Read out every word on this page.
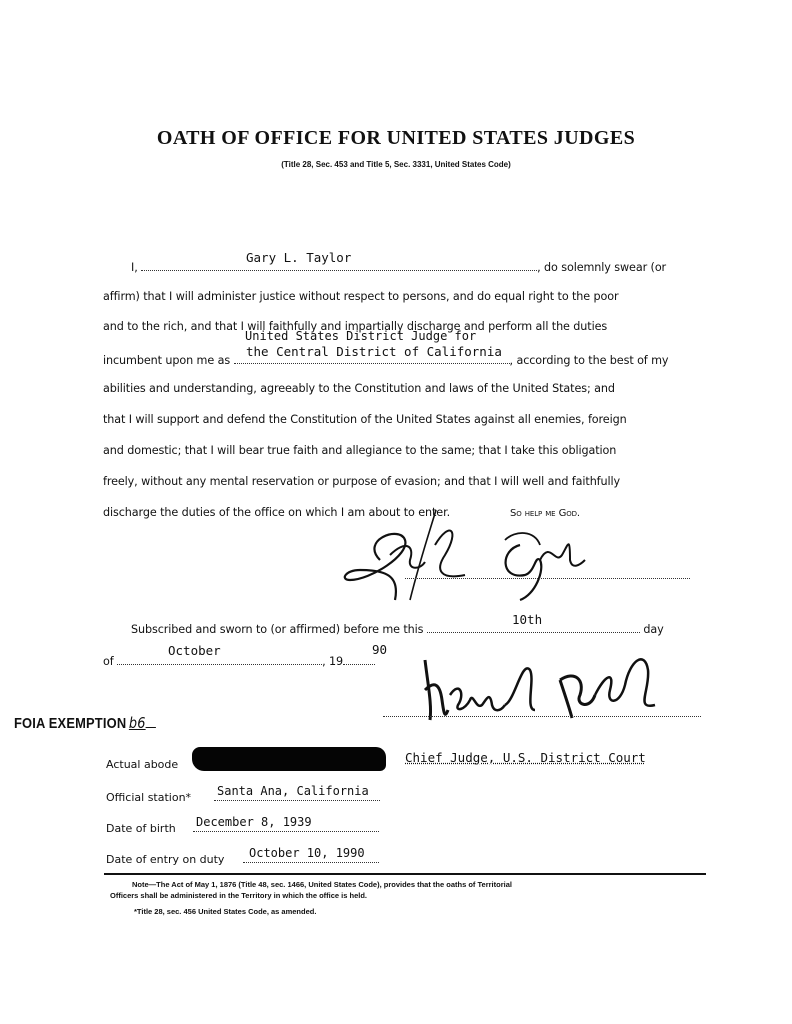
OATH OF OFFICE FOR UNITED STATES JUDGES
(Title 28, Sec. 453 and Title 5, Sec. 3331, United States Code)
I,	, do solemnly swear (or
Gary L. Taylor
affirm) that I will administer justice without respect to persons, and do equal right to the poor
and to the rich, and that I will faithfully and impartially discharge and perform all the duties
United States District Judge for
the Central District of California
incumbent upon me as	, according to the best of my
abilities and understanding, agreeably to the Constitution and laws of the United States; and
that I will support and defend the Constitution of the United States against all enemies, foreign
and domestic; that I will bear true faith and allegiance to the same; that I take this obligation
freely, without any mental reservation or purpose of evasion; and that I will well and faithfully
discharge the duties of the office on which I am about to enter.	So help me God.
Subscribed and sworn to (or affirmed) before me this	day
10th
of	, 19
October	90
FOIA EXEMPTION b6
Actual abode	Chief Judge, U.S. District Court
Official station* Santa Ana, California
Date of birth December 8, 1939
Date of entry on duty October 10, 1990
Note—The Act of May 1, 1876 (Title 48, sec. 1466, United States Code), provides that the oaths of Territorial
Officers shall be administered in the Territory in which the office is held.
*Title 28, sec. 456 United States Code, as amended.
